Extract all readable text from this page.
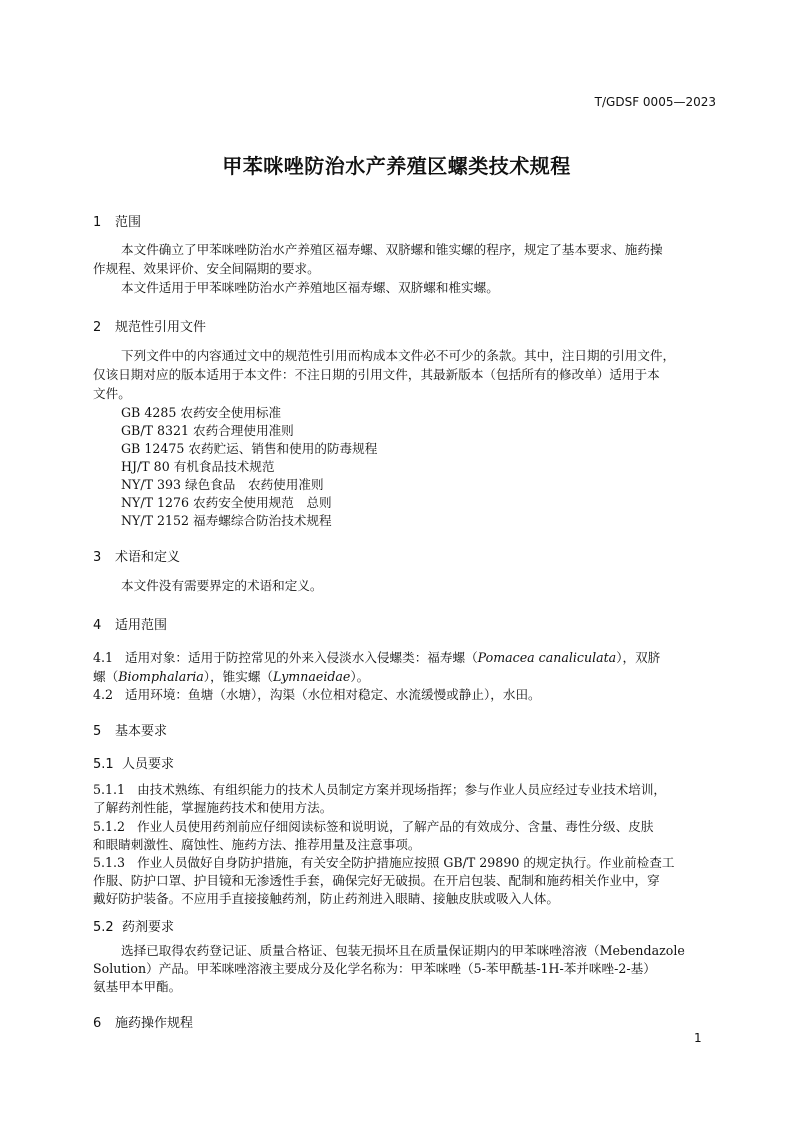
T/GDSF 0005—2023
甲苯咪唑防治水产养殖区螺类技术规程
1 范围
本文件确立了甲苯咪唑防治水产养殖区福寿螺、双脐螺和锥实螺的程序，规定了基本要求、施药操
作规程、效果评价、安全间隔期的要求。
本文件适用于甲苯咪唑防治水产养殖地区福寿螺、双脐螺和椎实螺。
2 规范性引用文件
下列文件中的内容通过文中的规范性引用而构成本文件必不可少的条款。其中，注日期的引用文件，
仅该日期对应的版本适用于本文件：不注日期的引用文件，其最新版本（包括所有的修改单）适用于本
文件。
GB 4285 农药安全使用标准
GB/T 8321 农药合理使用准则
GB 12475 农药贮运、销售和使用的防毒规程
HJ/T 80 有机食品技术规范
NY/T 393 绿色食品　农药使用准则
NY/T 1276 农药安全使用规范　总则
NY/T 2152 福寿螺综合防治技术规程
3 术语和定义
本文件没有需要界定的术语和定义。
4 适用范围
4.1 适用对象：适用于防控常见的外来入侵淡水入侵螺类：福寿螺（Pomacea canaliculata），双脐
螺（Biomphalaria），锥实螺（Lymnaeidae）。
4.2 适用环境：鱼塘（水塘），沟渠（水位相对稳定、水流缓慢或静止），水田。
5 基本要求
5.1 人员要求
5.1.1 由技术熟练、有组织能力的技术人员制定方案并现场指挥；参与作业人员应经过专业技术培训，
了解药剂性能，掌握施药技术和使用方法。
5.1.2 作业人员使用药剂前应仔细阅读标签和说明说，了解产品的有效成分、含量、毒性分级、皮肤
和眼睛刺激性、腐蚀性、施药方法、推荐用量及注意事项。
5.1.3 作业人员做好自身防护措施，有关安全防护措施应按照 GB/T 29890 的规定执行。作业前检查工
作服、防护口罩、护目镜和无渗透性手套，确保完好无破损。在开启包装、配制和施药相关作业中，穿
戴好防护装备。不应用手直接接触药剂，防止药剂进入眼睛、接触皮肤或吸入人体。
5.2 药剂要求
选择已取得农药登记证、质量合格证、包装无损坏且在质量保证期内的甲苯咪唑溶液（Mebendazole
Solution）产品。甲苯咪唑溶液主要成分及化学名称为：甲苯咪唑（5-苯甲酰基-1H-苯并咪唑-2-基）
氨基甲本甲酯。
6 施药操作规程
1
